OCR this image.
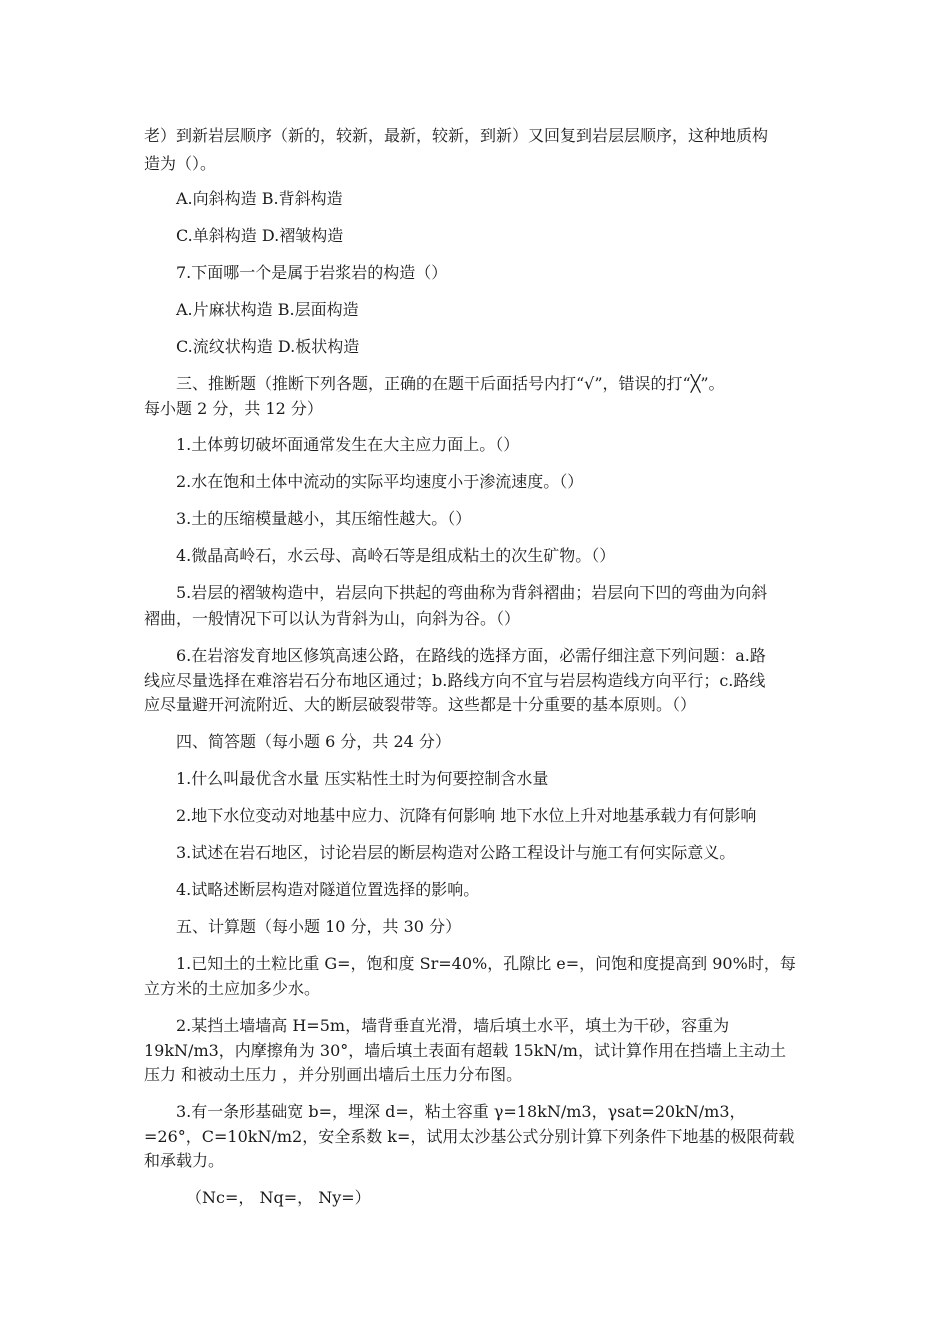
老）到新岩层顺序（新的，较新，最新，较新，到新）又回复到岩层层顺序，这种地质构
造为（）。
A.向斜构造 B.背斜构造
C.单斜构造 D.褶皱构造
7.下面哪一个是属于岩浆岩的构造（）
A.片麻状构造 B.层面构造
C.流纹状构造 D.板状构造
三、推断题（推断下列各题，正确的在题干后面括号内打“√”，错误的打“╳”。
每小题 2 分，共 12 分）
1.土体剪切破坏面通常发生在大主应力面上。（）
2.水在饱和土体中流动的实际平均速度小于渗流速度。（）
3.土的压缩模量越小，其压缩性越大。（）
4.微晶高岭石，水云母、高岭石等是组成粘土的次生矿物。（）
5.岩层的褶皱构造中，岩层向下拱起的弯曲称为背斜褶曲；岩层向下凹的弯曲为向斜
褶曲，一般情况下可以认为背斜为山，向斜为谷。（）
6.在岩溶发育地区修筑高速公路，在路线的选择方面，必需仔细注意下列问题：a.路
线应尽量选择在难溶岩石分布地区通过；b.路线方向不宜与岩层构造线方向平行；c.路线
应尽量避开河流附近、大的断层破裂带等。这些都是十分重要的基本原则。（）
四、简答题（每小题 6 分，共 24 分）
1.什么叫最优含水量 压实粘性土时为何要控制含水量
2.地下水位变动对地基中应力、沉降有何影响 地下水位上升对地基承载力有何影响
3.试述在岩石地区，讨论岩层的断层构造对公路工程设计与施工有何实际意义。
4.试略述断层构造对隧道位置选择的影响。
五、计算题（每小题 10 分，共 30 分）
1.已知土的土粒比重 G=，饱和度 Sr=40%，孔隙比 e=，问饱和度提高到 90%时，每
立方米的土应加多少水。
2.某挡土墙墙高 H=5m，墙背垂直光滑，墙后填土水平，填土为干砂，容重为
19kN/m3，内摩擦角为 30°，墙后填土表面有超载 15kN/m，试计算作用在挡墙上主动土
压力 和被动土压力 ，并分别画出墙后土压力分布图。
3.有一条形基础宽 b=，埋深 d=，粘土容重 γ=18kN/m3，γsat=20kN/m3，
=26°，C=10kN/m2，安全系数 k=，试用太沙基公式分别计算下列条件下地基的极限荷载
和承载力。
（Nc=， Nq=， Ny=）
